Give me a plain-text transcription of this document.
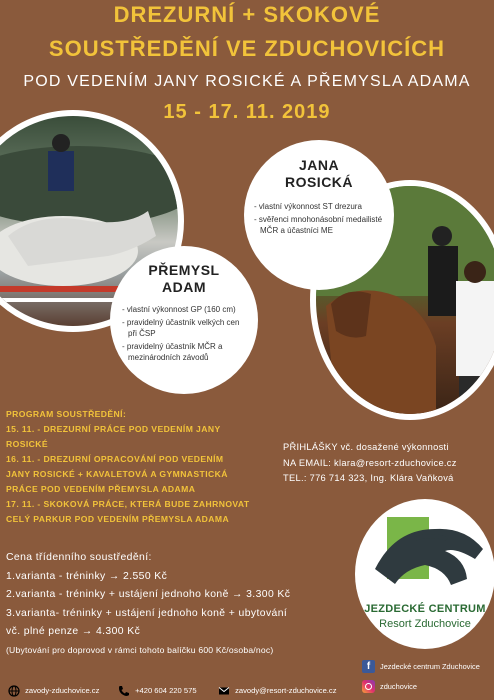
DREZURNÍ + SKOKOVÉ
SOUSTŘEDĚNÍ VE ZDUCHOVICÍCH
POD VEDENÍM JANY ROSICKÉ A PŘEMYSLA ADAMA
15 - 17. 11. 2019
JANA
ROSICKÁ
- vlastní výkonnost ST drezura
- svěřenci mnohonásobní medailisté MČR a účastníci ME
PŘEMYSL
ADAM
- vlastní výkonnost GP (160 cm)
- pravidelný účastník velkých cen při ČSP
- pravidelný účastník MČR a mezinárodních závodů
PROGRAM SOUSTŘEDĚNÍ:
15. 11. - DREZURNÍ PRÁCE POD VEDENÍM JANY
ROSICKÉ
16. 11. - DREZURNÍ OPRACOVÁNÍ POD VEDENÍM
JANY ROSICKÉ + KAVALETOVÁ A GYMNASTICKÁ
PRÁCE POD VEDENÍM PŘEMYSLA ADAMA
17. 11. - SKOKOVÁ PRÁCE, KTERÁ BUDE ZAHRNOVAT
CELÝ PARKUR POD VEDENÍM PŘEMYSLA ADAMA
PŘIHLÁŠKY vč. dosažené výkonnosti
NA EMAIL: klara@resort-zduchovice.cz
TEL.: 776 714 323, Ing. Klára Vaňková
Cena třídenního soustředění:
1.varianta - tréninky → 2.550 Kč
2.varianta - tréninky + ustájení jednoho koně → 3.300 Kč
3.varianta- tréninky + ustájení jednoho koně + ubytování
vč. plné penze → 4.300 Kč
(Ubytování pro doprovod v rámci tohoto balíčku 600 Kč/osoba/noc)
JEZDECKÉ CENTRUM
Resort Zduchovice
zavody-zduchovice.cz	+420 604 220 575	zavody@resort-zduchovice.cz
f	Jezdecké centrum Zduchovice
zduchovice
